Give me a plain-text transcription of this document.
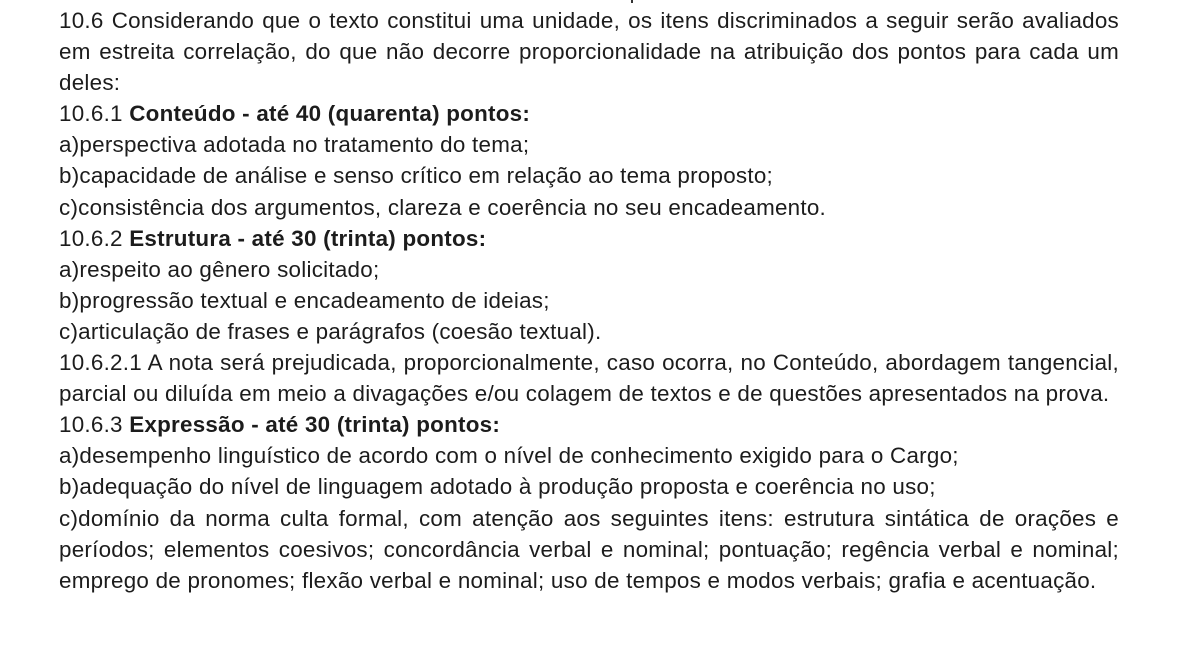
10.6 Considerando que o texto constitui uma unidade, os itens discriminados a seguir serão avaliados em estreita correlação, do que não decorre proporcionalidade na atribuição dos pontos para cada um deles:

10.6.1 Conteúdo - até 40 (quarenta) pontos:

a)perspectiva adotada no tratamento do tema;

b)capacidade de análise e senso crítico em relação ao tema proposto;

c)consistência dos argumentos, clareza e coerência no seu encadeamento.

10.6.2 Estrutura - até 30 (trinta) pontos:

a)respeito ao gênero solicitado;

b)progressão textual e encadeamento de ideias;

c)articulação de frases e parágrafos (coesão textual).

10.6.2.1 A nota será prejudicada, proporcionalmente, caso ocorra, no Conteúdo, abordagem tangencial, parcial ou diluída em meio a divagações e/ou colagem de textos e de questões apresentados na prova.

10.6.3 Expressão - até 30 (trinta) pontos:

a)desempenho linguístico de acordo com o nível de conhecimento exigido para o Cargo;

b)adequação do nível de linguagem adotado à produção proposta e coerência no uso;

c)domínio da norma culta formal, com atenção aos seguintes itens: estrutura sintática de orações e períodos; elementos coesivos; concordância verbal e nominal; pontuação; regência verbal e nominal; emprego de pronomes; flexão verbal e nominal; uso de tempos e modos verbais; grafia e acentuação.
